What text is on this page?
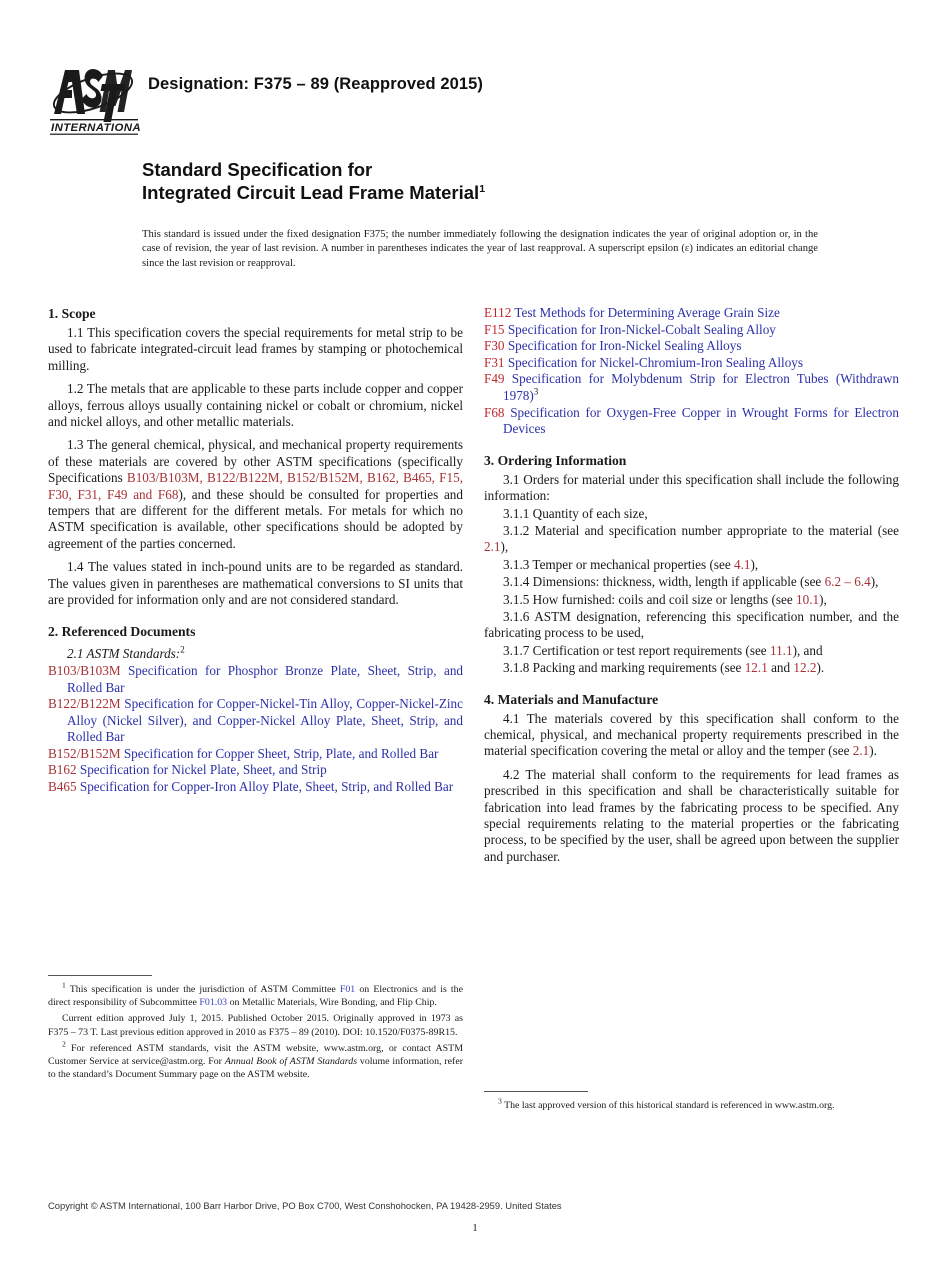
INTERNATIONAL
Designation: F375 – 89 (Reapproved 2015)
Standard Specification for
Integrated Circuit Lead Frame Material$^1$
This standard is issued under the fixed designation F375; the number immediately following the designation indicates the year of original adoption or, in the case of revision, the year of last revision. A number in parentheses indicates the year of last reapproval. A superscript epsilon (ε) indicates an editorial change since the last revision or reapproval.
1. Scope

1.1 This specification covers the special requirements for metal strip to be used to fabricate integrated-circuit lead frames by stamping or photochemical milling.

1.2 The metals that are applicable to these parts include copper and copper alloys, ferrous alloys usually containing nickel or cobalt or chromium, nickel and nickel alloys, and other metallic materials.

1.3 The general chemical, physical, and mechanical property requirements of these materials are covered by other ASTM specifications (specifically Specifications B103/B103M, B122/B122M, B152/B152M, B162, B465, F15, F30, F31, F49 and F68), and these should be consulted for properties and tempers that are different for the different metals. For metals for which no ASTM specification is available, other specifications should be adopted by agreement of the parties concerned.

1.4 The values stated in inch-pound units are to be regarded as standard. The values given in parentheses are mathematical conversions to SI units that are provided for information only and are not considered standard.

2. Referenced Documents
2.1 ASTM Standards:$^2$

B103/B103M Specification for Phosphor Bronze Plate, Sheet, Strip, and Rolled Bar

B122/B122M Specification for Copper-Nickel-Tin Alloy, Copper-Nickel-Zinc Alloy (Nickel Silver), and Copper-Nickel Alloy Plate, Sheet, Strip, and Rolled Bar

B152/B152M Specification for Copper Sheet, Strip, Plate, and Rolled Bar

B162 Specification for Nickel Plate, Sheet, and Strip

B465 Specification for Copper-Iron Alloy Plate, Sheet, Strip, and Rolled Bar

E112 Test Methods for Determining Average Grain Size

F15 Specification for Iron-Nickel-Cobalt Sealing Alloy

F30 Specification for Iron-Nickel Sealing Alloys

F31 Specification for Nickel-Chromium-Iron Sealing Alloys

F49 Specification for Molybdenum Strip for Electron Tubes (Withdrawn 1978)$^3$

F68 Specification for Oxygen-Free Copper in Wrought Forms for Electron Devices

3. Ordering Information

3.1 Orders for material under this specification shall include the following information:

3.1.1 Quantity of each size,

3.1.2 Material and specification number appropriate to the material (see 2.1),

3.1.3 Temper or mechanical properties (see 4.1),

3.1.4 Dimensions: thickness, width, length if applicable (see 6.2 – 6.4),

3.1.5 How furnished: coils and coil size or lengths (see 10.1),

3.1.6 ASTM designation, referencing this specification number, and the fabricating process to be used,

3.1.7 Certification or test report requirements (see 11.1), and

3.1.8 Packing and marking requirements (see 12.1 and 12.2).

4. Materials and Manufacture

4.1 The materials covered by this specification shall conform to the chemical, physical, and mechanical property requirements prescribed in the material specification covering the metal or alloy and the temper (see 2.1).

4.2 The material shall conform to the requirements for lead frames as prescribed in this specification and shall be characteristically suitable for fabrication into lead frames by the fabricating process to be specified. Any special requirements relating to the material properties or the fabricating process, to be specified by the user, shall be agreed upon between the supplier and purchaser.

$^1$ This specification is under the jurisdiction of ASTM Committee F01 on Electronics and is the direct responsibility of Subcommittee F01.03 on Metallic Materials, Wire Bonding, and Flip Chip.

Current edition approved July 1, 2015. Published October 2015. Originally approved in 1973 as F375 – 73 T. Last previous edition approved in 2010 as F375 – 89 (2010). DOI: 10.1520/F0375-89R15.

$^2$ For referenced ASTM standards, visit the ASTM website, www.astm.org, or contact ASTM Customer Service at service@astm.org. For Annual Book of ASTM Standards volume information, refer to the standard’s Document Summary page on the ASTM website.

$^3$ The last approved version of this historical standard is referenced in www.astm.org.

Copyright © ASTM International, 100 Barr Harbor Drive, PO Box C700, West Conshohocken, PA 19428-2959. United States
1
